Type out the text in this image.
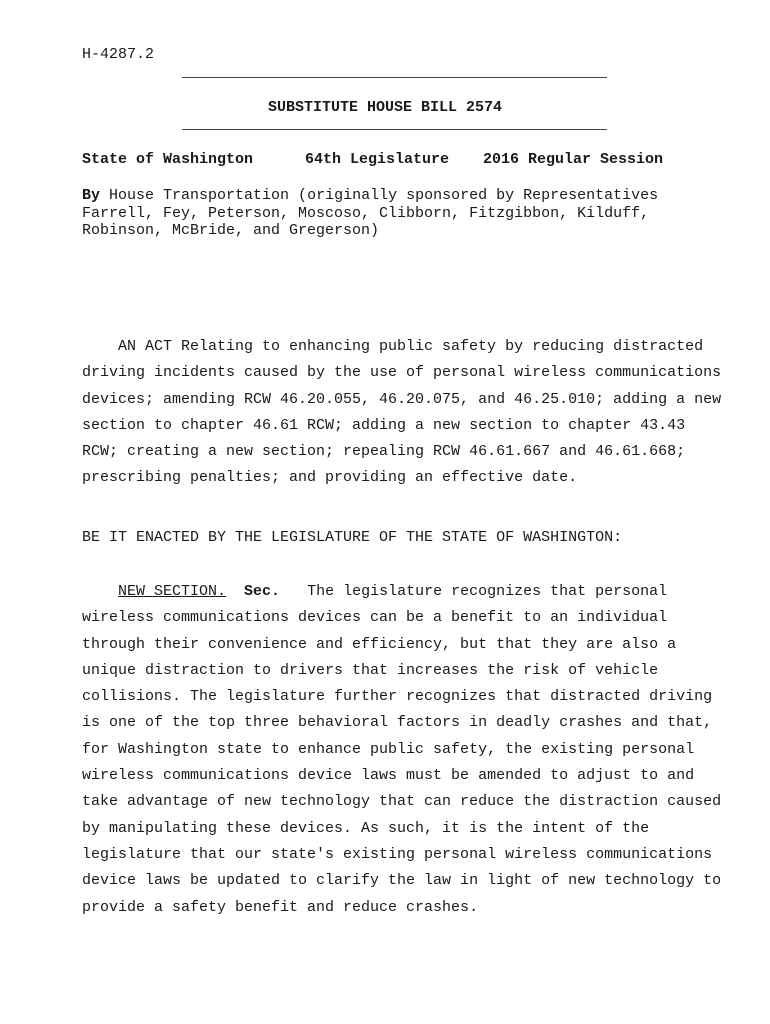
H-4287.2
SUBSTITUTE HOUSE BILL 2574

State of Washington

	64th Legislature

2016 Regular Session

By House Transportation (originally sponsored by Representatives Farrell, Fey, Peterson, Moscoso, Clibborn, Fitzgibbon, Kilduff, Robinson, McBride, and Gregerson)
AN ACT Relating to enhancing public safety by reducing distracted driving incidents caused by the use of personal wireless communications devices; amending RCW 46.20.055, 46.20.075, and 46.25.010; adding a new section to chapter 46.61 RCW; adding a new section to chapter 43.43 RCW; creating a new section; repealing RCW 46.61.667 and 46.61.668; prescribing penalties; and providing an effective date.
BE IT ENACTED BY THE LEGISLATURE OF THE STATE OF WASHINGTON:
NEW SECTION. Sec. The legislature recognizes that personal wireless communications devices can be a benefit to an individual through their convenience and efficiency, but that they are also a unique distraction to drivers that increases the risk of vehicle collisions. The legislature further recognizes that distracted driving is one of the top three behavioral factors in deadly crashes and that, for Washington state to enhance public safety, the existing personal wireless communications device laws must be amended to adjust to and take advantage of new technology that can reduce the distraction caused by manipulating these devices. As such, it is the intent of the legislature that our state's existing personal wireless communications device laws be updated to clarify the law in light of new technology to provide a safety benefit and reduce crashes.
